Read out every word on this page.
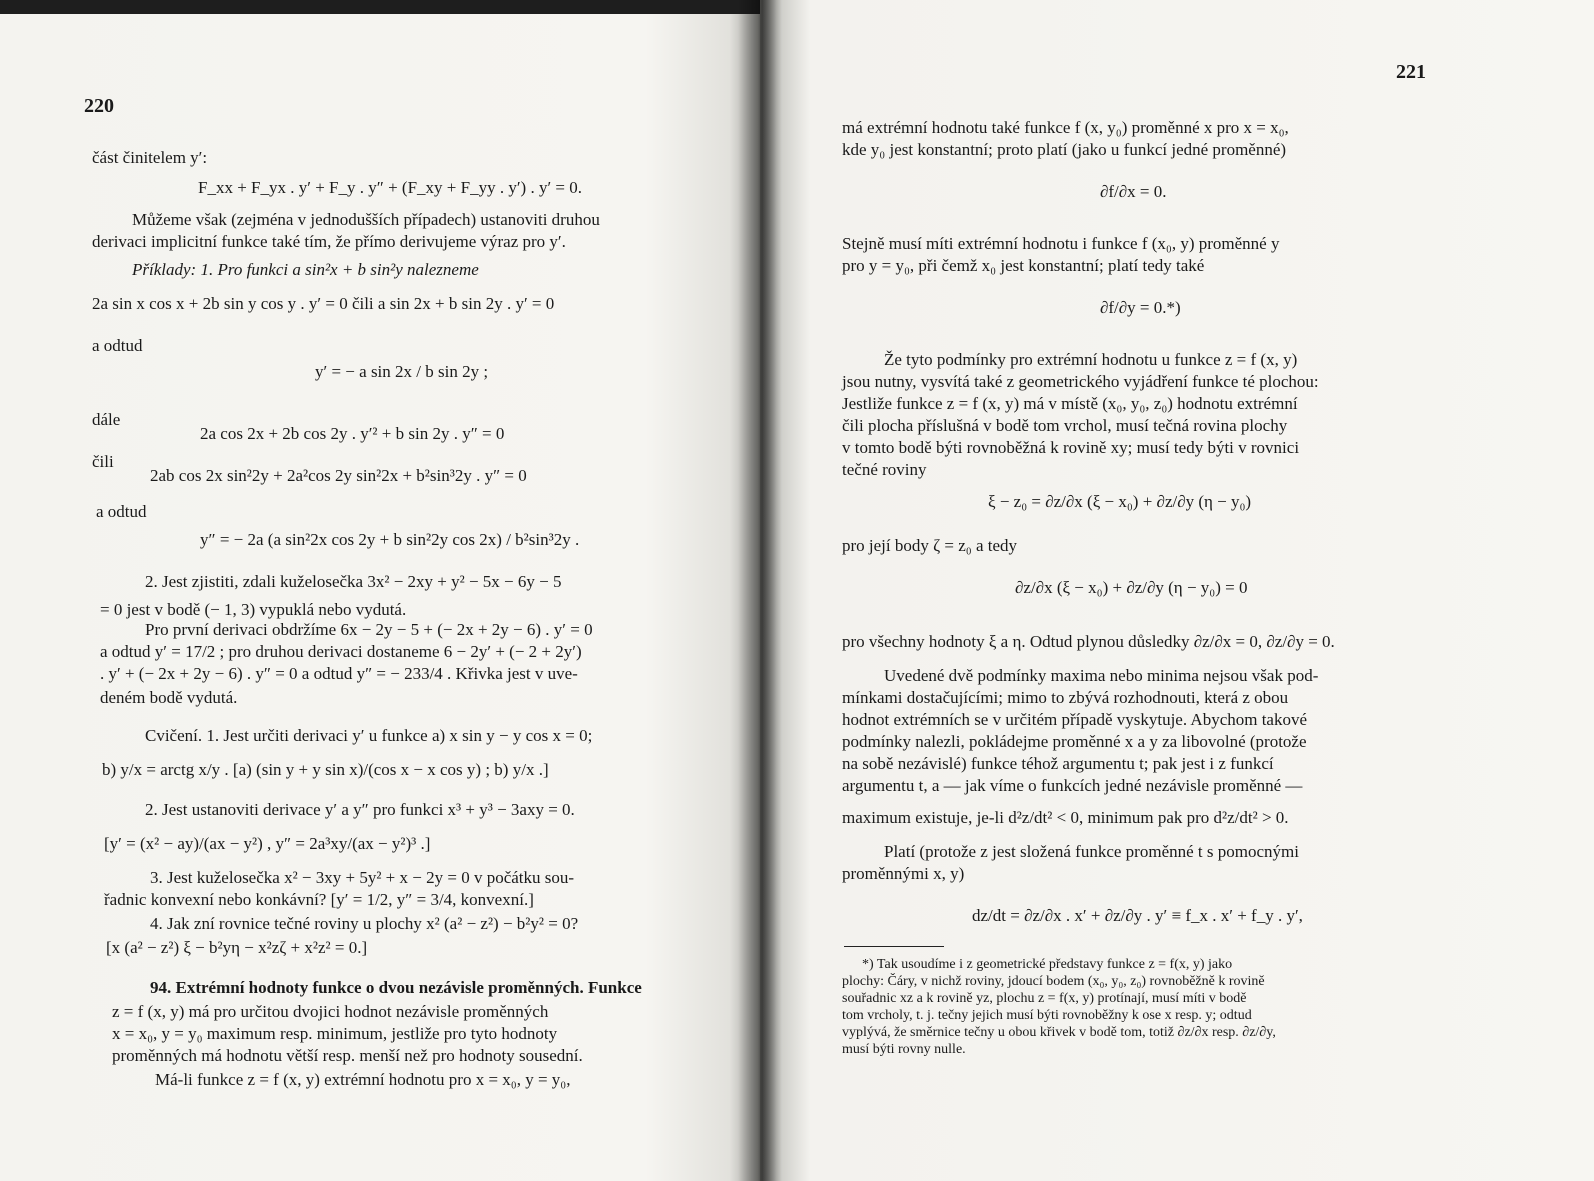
220
část činitelem y′:
F_xx + F_yx . y′ + F_y . y″ + (F_xy + F_yy . y′) . y′ = 0.
Můžeme však (zejména v jednodušších případech) ustanoviti druhou
derivaci implicitní funkce také tím, že přímo derivujeme výraz pro y′.
Příklady: 1. Pro funkci a sin²x + b sin²y nalezneme
2a sin x cos x + 2b sin y cos y . y′ = 0 čili a sin 2x + b sin 2y . y′ = 0
a odtud
y′ = − a sin 2x / b sin 2y ;
dále
2a cos 2x + 2b cos 2y . y′² + b sin 2y . y″ = 0
čili
2ab cos 2x sin²2y + 2a²cos 2y sin²2x + b²sin³2y . y″ = 0
a odtud
y″ = − 2a (a sin²2x cos 2y + b sin²2y cos 2x) / b²sin³2y .
2. Jest zjistiti, zdali kuželosečka 3x² − 2xy + y² − 5x − 6y − 5
= 0 jest v bodě (− 1, 3) vypuklá nebo vydutá.
Pro první derivaci obdržíme 6x − 2y − 5 + (− 2x + 2y − 6) . y′ = 0
a odtud y′ = 17/2 ; pro druhou derivaci dostaneme 6 − 2y′ + (− 2 + 2y′)
. y′ + (− 2x + 2y − 6) . y″ = 0 a odtud y″ = − 233/4 . Křivka jest v uve-
deném bodě vydutá.
Cvičení. 1. Jest určiti derivaci y′ u funkce a) x sin y − y cos x = 0;
b) y/x = arctg x/y . [a) (sin y + y sin x)/(cos x − x cos y) ; b) y/x .]
2. Jest ustanoviti derivace y′ a y″ pro funkci x³ + y³ − 3axy = 0.
[y′ = (x² − ay)/(ax − y²) , y″ = 2a³xy/(ax − y²)³ .]
3. Jest kuželosečka x² − 3xy + 5y² + x − 2y = 0 v počátku sou-
řadnic konvexní nebo konkávní? [y′ = 1/2, y″ = 3/4, konvexní.]
4. Jak zní rovnice tečné roviny u plochy x² (a² − z²) − b²y² = 0?
[x (a² − z²) ξ − b²yη − x²zζ + x²z² = 0.]
94. Extrémní hodnoty funkce o dvou nezávisle proměnných. Funkce
z = f (x, y) má pro určitou dvojici hodnot nezávisle proměnných
x = x₀, y = y₀ maximum resp. minimum, jestliže pro tyto hodnoty
proměnných má hodnotu větší resp. menší než pro hodnoty sousední.
Má-li funkce z = f (x, y) extrémní hodnotu pro x = x₀, y = y₀,
221
má extrémní hodnotu také funkce f (x, y₀) proměnné x pro x = x₀,
kde y₀ jest konstantní; proto platí (jako u funkcí jedné proměnné)
∂f/∂x = 0.
Stejně musí míti extrémní hodnotu i funkce f (x₀, y) proměnné y
pro y = y₀, při čemž x₀ jest konstantní; platí tedy také
∂f/∂y = 0.*)
Že tyto podmínky pro extrémní hodnotu u funkce z = f (x, y)
jsou nutny, vysvítá také z geometrického vyjádření funkce té plochou:
Jestliže funkce z = f (x, y) má v místě (x₀, y₀, z₀) hodnotu extrémní
čili plocha příslušná v bodě tom vrchol, musí tečná rovina plochy
v tomto bodě býti rovnoběžná k rovině xy; musí tedy býti v rovnici
tečné roviny
ξ − z₀ = ∂z/∂x (ξ − x₀) + ∂z/∂y (η − y₀)
pro její body ζ = z₀ a tedy
∂z/∂x (ξ − x₀) + ∂z/∂y (η − y₀) = 0
pro všechny hodnoty ξ a η. Odtud plynou důsledky ∂z/∂x = 0, ∂z/∂y = 0.
Uvedené dvě podmínky maxima nebo minima nejsou však pod-
mínkami dostačujícími; mimo to zbývá rozhodnouti, která z obou
hodnot extrémních se v určitém případě vyskytuje. Abychom takové
podmínky nalezli, pokládejme proměnné x a y za libovolné (protože
na sobě nezávislé) funkce téhož argumentu t; pak jest i z funkcí
argumentu t, a — jak víme o funkcích jedné nezávisle proměnné —
maximum existuje, je-li d²z/dt² < 0, minimum pak pro d²z/dt² > 0.
Platí (protože z jest složená funkce proměnné t s pomocnými
proměnnými x, y)
dz/dt = ∂z/∂x . x′ + ∂z/∂y . y′ ≡ f_x . x′ + f_y . y′,
*) Tak usoudíme i z geometrické představy funkce z = f(x, y) jako
plochy: Čáry, v nichž roviny, jdoucí bodem (x₀, y₀, z₀) rovnoběžně k rovině
souřadnic xz a k rovině yz, plochu z = f(x, y) protínají, musí míti v bodě
tom vrcholy, t. j. tečny jejich musí býti rovnoběžny k ose x resp. y; odtud
vyplývá, že směrnice tečny u obou křivek v bodě tom, totiž ∂z/∂x resp. ∂z/∂y,
musí býti rovny nulle.
